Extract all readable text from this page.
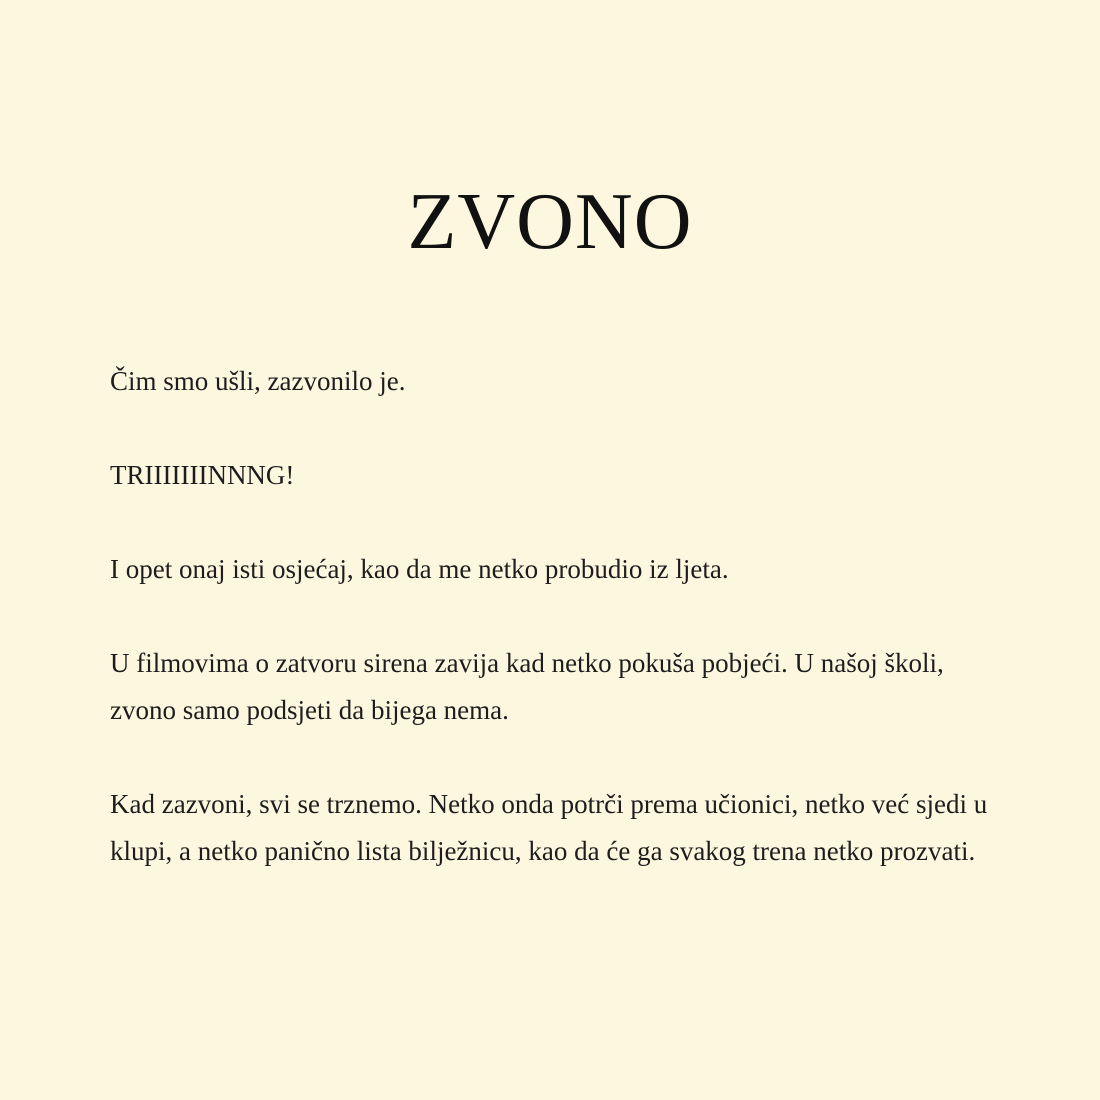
ZVONO

Čim smo ušli, zazvonilo je.

TRIIIIIIINNNG!

I opet onaj isti osjećaj, kao da me netko probudio iz ljeta.

U filmovima o zatvoru sirena zavija kad netko pokuša pobjeći. U našoj školi, zvono samo podsjeti da bijega nema.

Kad zazvoni, svi se trznemo. Netko onda potrči prema učionici, netko već sjedi u klupi, a netko panično lista bilježnicu, kao da će ga svakog trena netko prozvati.
